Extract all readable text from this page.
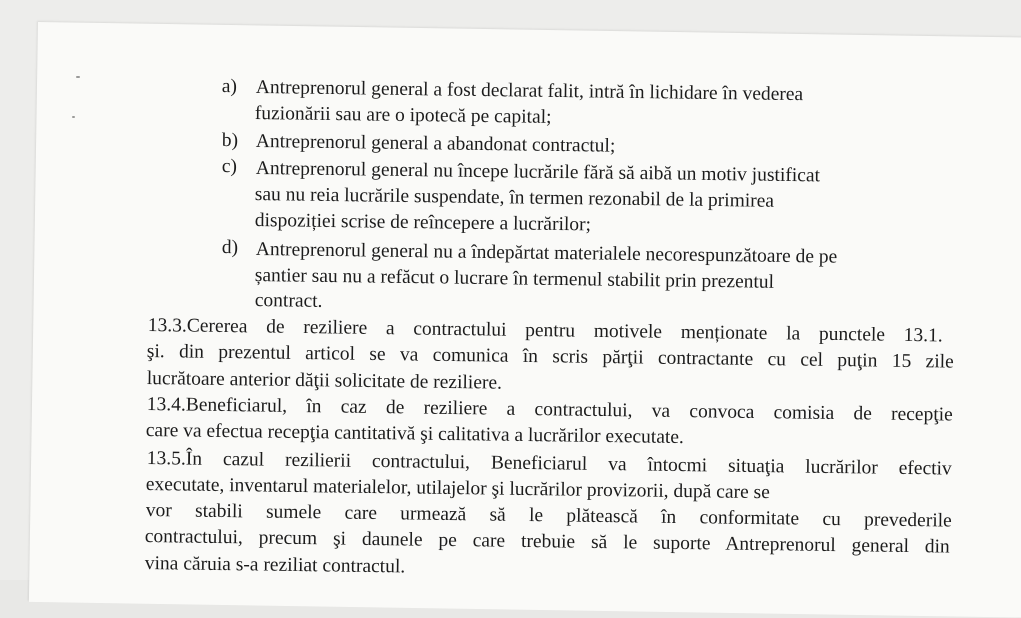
a) Antreprenorul general a fost declarat falit, intră în lichidare în vederea
fuzionării sau are o ipotecă pe capital;
b) Antreprenorul general a abandonat contractul;
c) Antreprenorul general nu începe lucrările fără să aibă un motiv justificat
sau nu reia lucrările suspendate, în termen rezonabil de la primirea
dispoziției scrise de reîncepere a lucrărilor;
d) Antreprenorul general nu a îndepărtat materialele necorespunzătoare de pe
șantier sau nu a refăcut o lucrare în termenul stabilit prin prezentul
contract.
13.3.Cererea de reziliere a contractului pentru motivele menționate la punctele 13.1.
şi. din prezentul articol se va comunica în scris părţii contractante cu cel puţin 15 zile
lucrătoare anterior dăţii solicitate de reziliere.
13.4.Beneficiarul, în caz de reziliere a contractului, va convoca comisia de recepţie
care va efectua recepţia cantitativă şi calitativa a lucrărilor executate.
13.5.În cazul rezilierii contractului, Beneficiarul va întocmi situaţia lucrărilor efectiv
executate, inventarul materialelor, utilajelor şi lucrărilor provizorii, după care se
vor stabili sumele care urmează să le plătească în conformitate cu prevederile
contractului, precum şi daunele pe care trebuie să le suporte Antreprenorul general din
vina căruia s-a reziliat contractul.
